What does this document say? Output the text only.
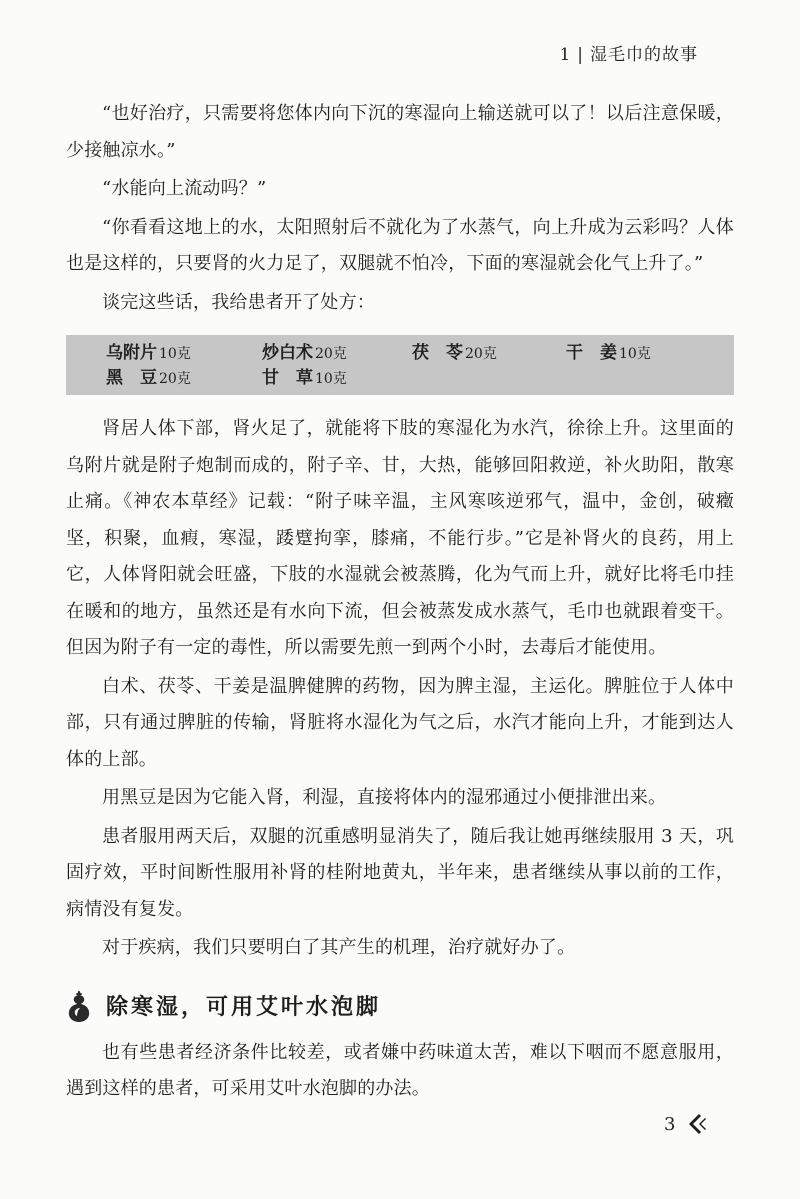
1 | 湿毛巾的故事

“也好治疗，只需要将您体内向下沉的寒湿向上输送就可以了！以后注意保暖，少接触凉水。”

“水能向上流动吗？”

“你看看这地上的水，太阳照射后不就化为了水蒸气，向上升成为云彩吗？人体也是这样的，只要肾的火力足了，双腿就不怕冷，下面的寒湿就会化气上升了。”

谈完这些话，我给患者开了处方：

乌附片 10克	炒白术 20克	茯　苓 20克	干　姜 10克
黑　豆 20克	甘　草 10克

肾居人体下部，肾火足了，就能将下肢的寒湿化为水汽，徐徐上升。这里面的乌附片就是附子炮制而成的，附子辛、甘，大热，能够回阳救逆，补火助阳，散寒止痛。《神农本草经》记载：“附子味辛温，主风寒咳逆邪气，温中，金创，破癥坚，积聚，血瘕，寒湿，踒躄拘挛，膝痛，不能行步。”它是补肾火的良药，用上它，人体肾阳就会旺盛，下肢的水湿就会被蒸腾，化为气而上升，就好比将毛巾挂在暖和的地方，虽然还是有水向下流，但会被蒸发成水蒸气，毛巾也就跟着变干。但因为附子有一定的毒性，所以需要先煎一到两个小时，去毒后才能使用。

白术、茯苓、干姜是温脾健脾的药物，因为脾主湿，主运化。脾脏位于人体中部，只有通过脾脏的传输，肾脏将水湿化为气之后，水汽才能向上升，才能到达人体的上部。

用黑豆是因为它能入肾，利湿，直接将体内的湿邪通过小便排泄出来。

患者服用两天后，双腿的沉重感明显消失了，随后我让她再继续服用 3 天，巩固疗效，平时间断性服用补肾的桂附地黄丸，半年来，患者继续从事以前的工作，病情没有复发。

对于疾病，我们只要明白了其产生的机理，治疗就好办了。

除寒湿，可用艾叶水泡脚

也有些患者经济条件比较差，或者嫌中药味道太苦，难以下咽而不愿意服用，遇到这样的患者，可采用艾叶水泡脚的办法。

3
